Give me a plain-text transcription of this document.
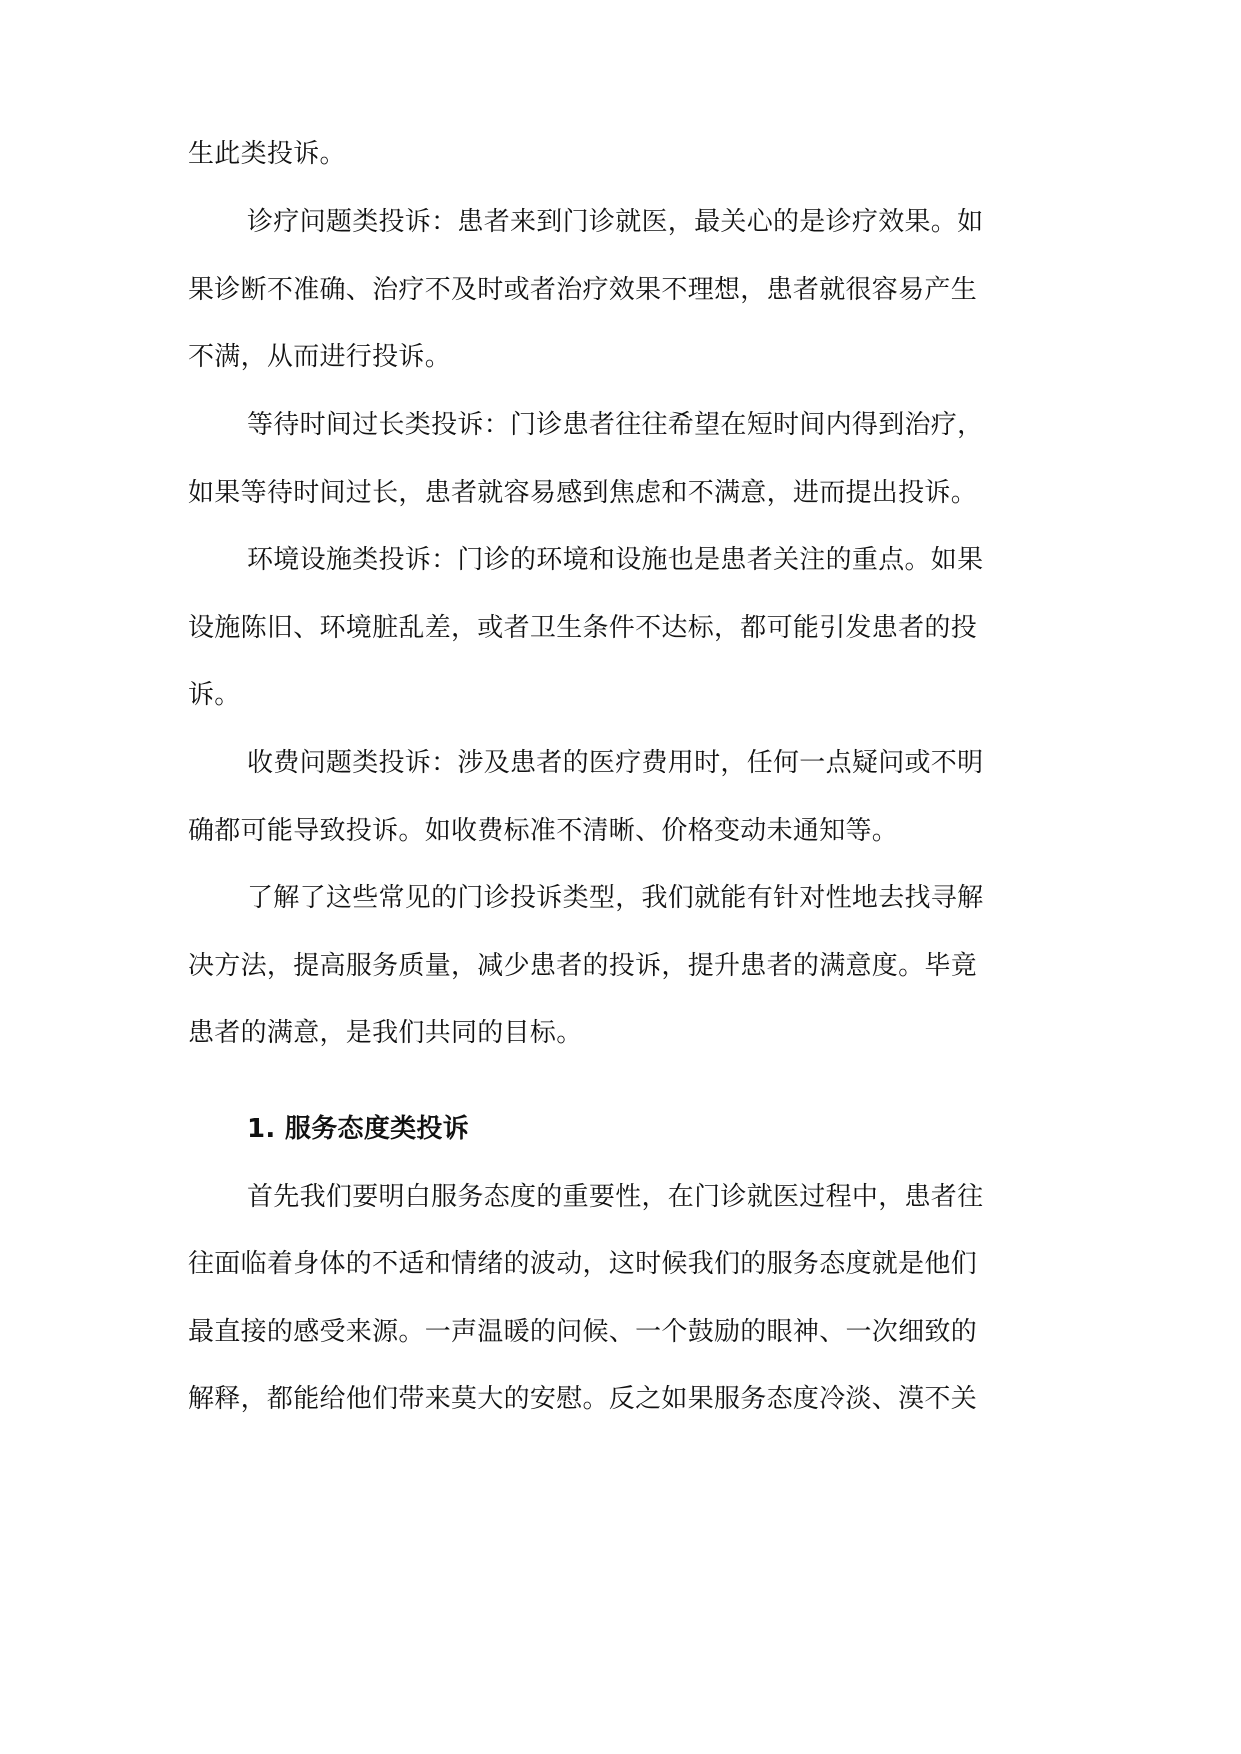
生此类投诉。
诊疗问题类投诉：患者来到门诊就医，最关心的是诊疗效果。如
果诊断不准确、治疗不及时或者治疗效果不理想，患者就很容易产生
不满，从而进行投诉。
等待时间过长类投诉：门诊患者往往希望在短时间内得到治疗，
如果等待时间过长，患者就容易感到焦虑和不满意，进而提出投诉。
环境设施类投诉：门诊的环境和设施也是患者关注的重点。如果
设施陈旧、环境脏乱差，或者卫生条件不达标，都可能引发患者的投
诉。
收费问题类投诉：涉及患者的医疗费用时，任何一点疑问或不明
确都可能导致投诉。如收费标准不清晰、价格变动未通知等。
了解了这些常见的门诊投诉类型，我们就能有针对性地去找寻解
决方法，提高服务质量，减少患者的投诉，提升患者的满意度。毕竟
患者的满意，是我们共同的目标。
1. 服务态度类投诉
首先我们要明白服务态度的重要性，在门诊就医过程中，患者往
往面临着身体的不适和情绪的波动，这时候我们的服务态度就是他们
最直接的感受来源。一声温暖的问候、一个鼓励的眼神、一次细致的
解释，都能给他们带来莫大的安慰。反之如果服务态度冷淡、漠不关
